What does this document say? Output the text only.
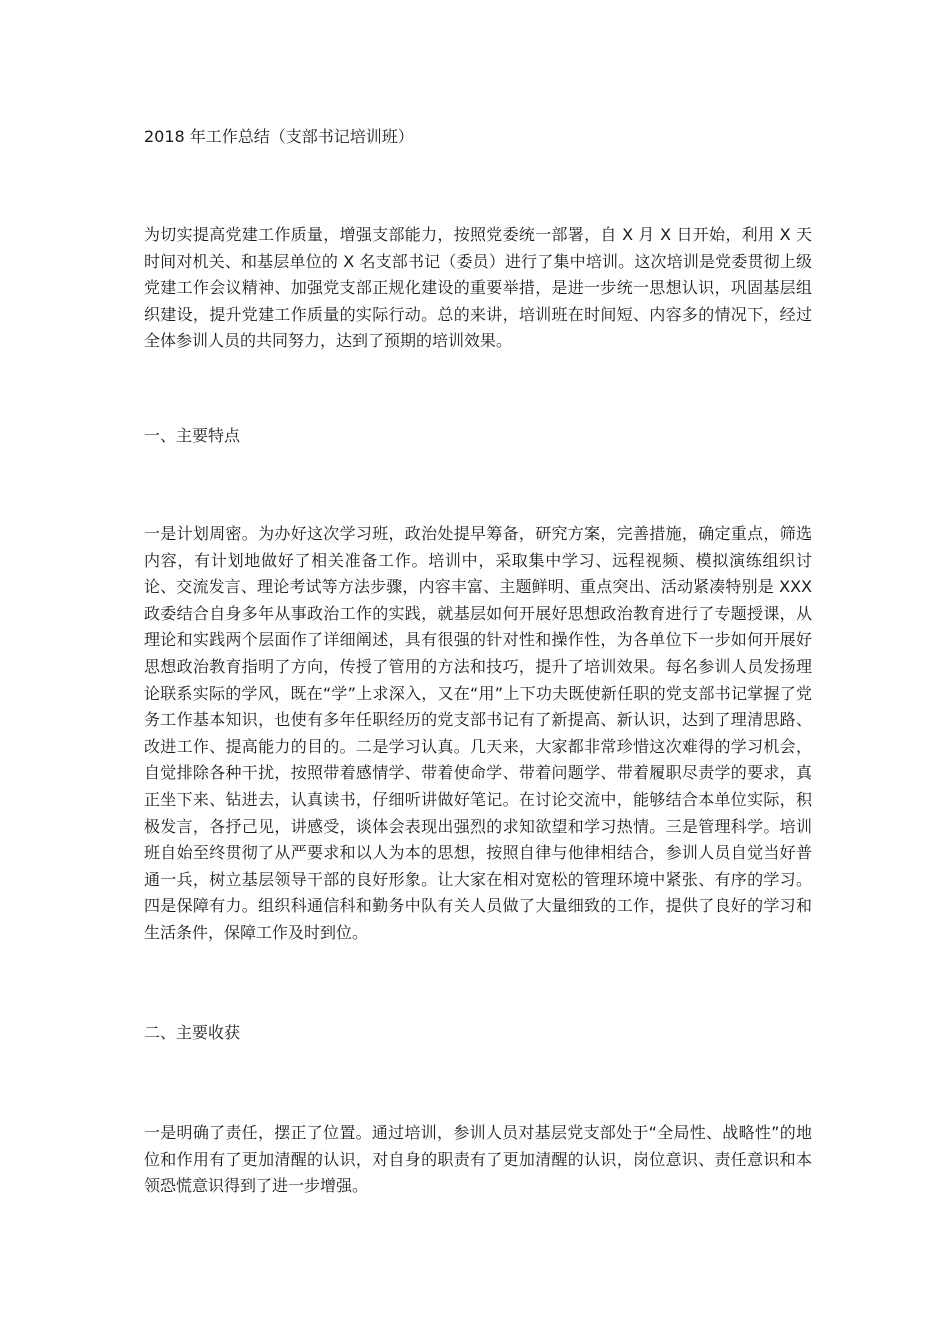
2018 年工作总结（支部书记培训班）

为切实提高党建工作质量，增强支部能力，按照党委统一部署，自 X 月 X 日开始，利用 X 天时间对机关、和基层单位的 X 名支部书记（委员）进行了集中培训。这次培训是党委贯彻上级党建工作会议精神、加强党支部正规化建设的重要举措，是进一步统一思想认识，巩固基层组织建设，提升党建工作质量的实际行动。总的来讲，培训班在时间短、内容多的情况下，经过全体参训人员的共同努力，达到了预期的培训效果。

一、主要特点

一是计划周密。为办好这次学习班，政治处提早筹备，研究方案，完善措施，确定重点，筛选内容，有计划地做好了相关准备工作。培训中，采取集中学习、远程视频、模拟演练组织讨论、交流发言、理论考试等方法步骤，内容丰富、主题鲜明、重点突出、活动紧凑特别是 XXX 政委结合自身多年从事政治工作的实践，就基层如何开展好思想政治教育进行了专题授课，从理论和实践两个层面作了详细阐述，具有很强的针对性和操作性，为各单位下一步如何开展好思想政治教育指明了方向，传授了管用的方法和技巧，提升了培训效果。每名参训人员发扬理论联系实际的学风，既在“学”上求深入，又在“用”上下功夫既使新任职的党支部书记掌握了党务工作基本知识，也使有多年任职经历的党支部书记有了新提高、新认识，达到了理清思路、改进工作、提高能力的目的。二是学习认真。几天来，大家都非常珍惜这次难得的学习机会，自觉排除各种干扰，按照带着感情学、带着使命学、带着问题学、带着履职尽责学的要求，真正坐下来、钻进去，认真读书，仔细听讲做好笔记。在讨论交流中，能够结合本单位实际，积极发言，各抒己见，讲感受，谈体会表现出强烈的求知欲望和学习热情。三是管理科学。培训班自始至终贯彻了从严要求和以人为本的思想，按照自律与他律相结合，参训人员自觉当好普通一兵，树立基层领导干部的良好形象。让大家在相对宽松的管理环境中紧张、有序的学习。四是保障有力。组织科通信科和勤务中队有关人员做了大量细致的工作，提供了良好的学习和生活条件，保障工作及时到位。

二、主要收获

一是明确了责任，摆正了位置。通过培训，参训人员对基层党支部处于“全局性、战略性”的地位和作用有了更加清醒的认识，对自身的职责有了更加清醒的认识，岗位意识、责任意识和本领恐慌意识得到了进一步增强。
